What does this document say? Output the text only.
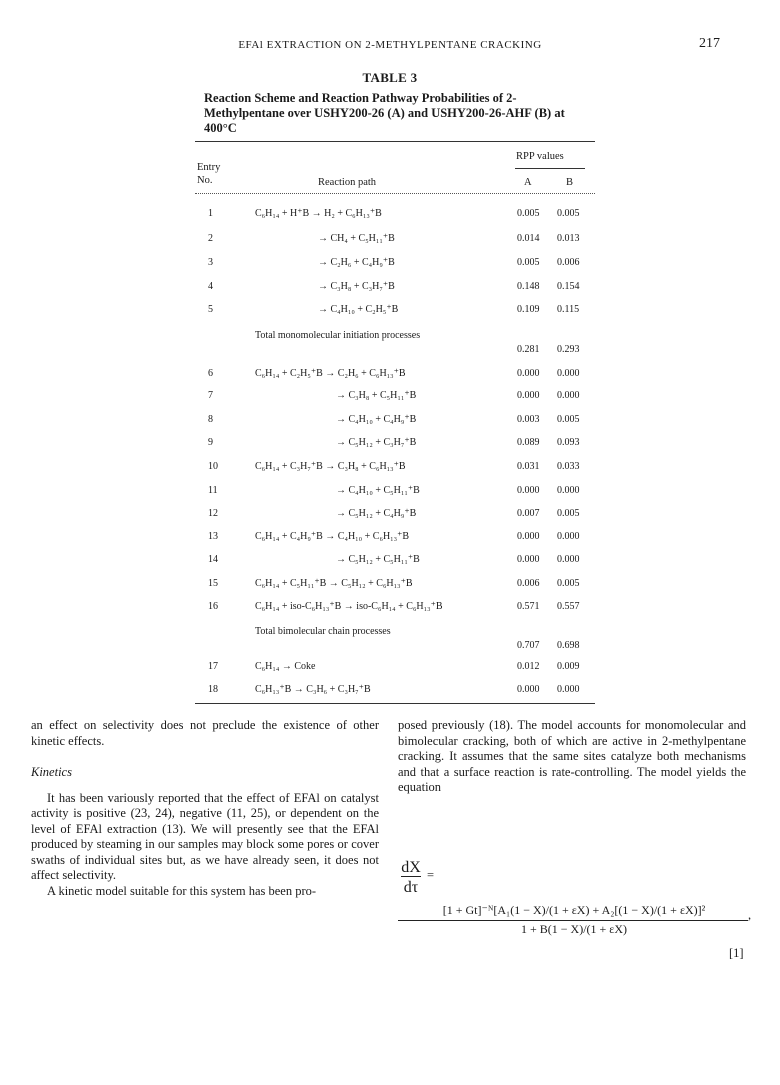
EFAl EXTRACTION ON 2-METHYLPENTANE CRACKING	217
TABLE 3
Reaction Scheme and Reaction Pathway Probabilities of 2-Methylpentane over USHY200-26 (A) and USHY200-26-AHF (B) at 400°C
RPP values
Entry
No.	Reaction path	A	B
1	C₆H₁₄ + H⁺B → H₂ + C₆H₁₃⁺B	0.005 0.005
2	→ CH₄ + C₅H₁₁⁺B	0.014 0.013
3	→ C₂H₆ + C₄H₉⁺B	0.005 0.006
4	→ C₃H₈ + C₃H₇⁺B	0.148 0.154
5	→ C₄H₁₀ + C₂H₅⁺B	0.109 0.115
Total monomolecular initiation processes
0.281 0.293
6	C₆H₁₄ + C₂H₅⁺B → C₂H₆ + C₆H₁₃⁺B	0.000 0.000
7	→ C₃H₈ + C₅H₁₁⁺B	0.000 0.000
8	→ C₄H₁₀ + C₄H₉⁺B	0.003 0.005
9	→ C₅H₁₂ + C₃H₇⁺B	0.089 0.093
10	C₆H₁₄ + C₃H₇⁺B → C₃H₈ + C₆H₁₃⁺B	0.031 0.033
11	→ C₄H₁₀ + C₅H₁₁⁺B	0.000 0.000
12	→ C₅H₁₂ + C₄H₉⁺B	0.007 0.005
13	C₆H₁₄ + C₄H₉⁺B → C₄H₁₀ + C₆H₁₃⁺B	0.000 0.000
14	→ C₅H₁₂ + C₅H₁₁⁺B	0.000 0.000
15	C₆H₁₄ + C₅H₁₁⁺B → C₅H₁₂ + C₆H₁₃⁺B	0.006 0.005
16	C₆H₁₄ + iso-C₆H₁₃⁺B → iso-C₆H₁₄ + C₆H₁₃⁺B	0.571 0.557
Total bimolecular chain processes
0.707 0.698
17	C₆H₁₄ → Coke	0.012 0.009
18	C₆H₁₃⁺B → C₃H₆ + C₃H₇⁺B	0.000 0.000

an effect on selectivity does not preclude the existence of other kinetic effects.

Kinetics

It has been variously reported that the effect of EFAl on catalyst activity is positive (23, 24), negative (11, 25), or dependent on the level of EFAl extraction (13). We will presently see that the EFAl produced by steaming in our samples may block some pores or cover swaths of individual sites but, as we have already seen, it does not affect selectivity.

A kinetic model suitable for this system has been pro-

posed previously (18). The model accounts for monomolecular and bimolecular cracking, both of which are active in 2-methylpentane cracking. It assumes that the same sites catalyze both mechanisms and that a surface reaction is rate-controlling. The model yields the equation

dX
dτ
=
[1 + Gt]⁻ᴺ[A₁(1 − X)/(1 + εX) + A₂[(1 − X)/(1 + εX)]²
1 + B(1 − X)/(1 + εX)
,
[1]
